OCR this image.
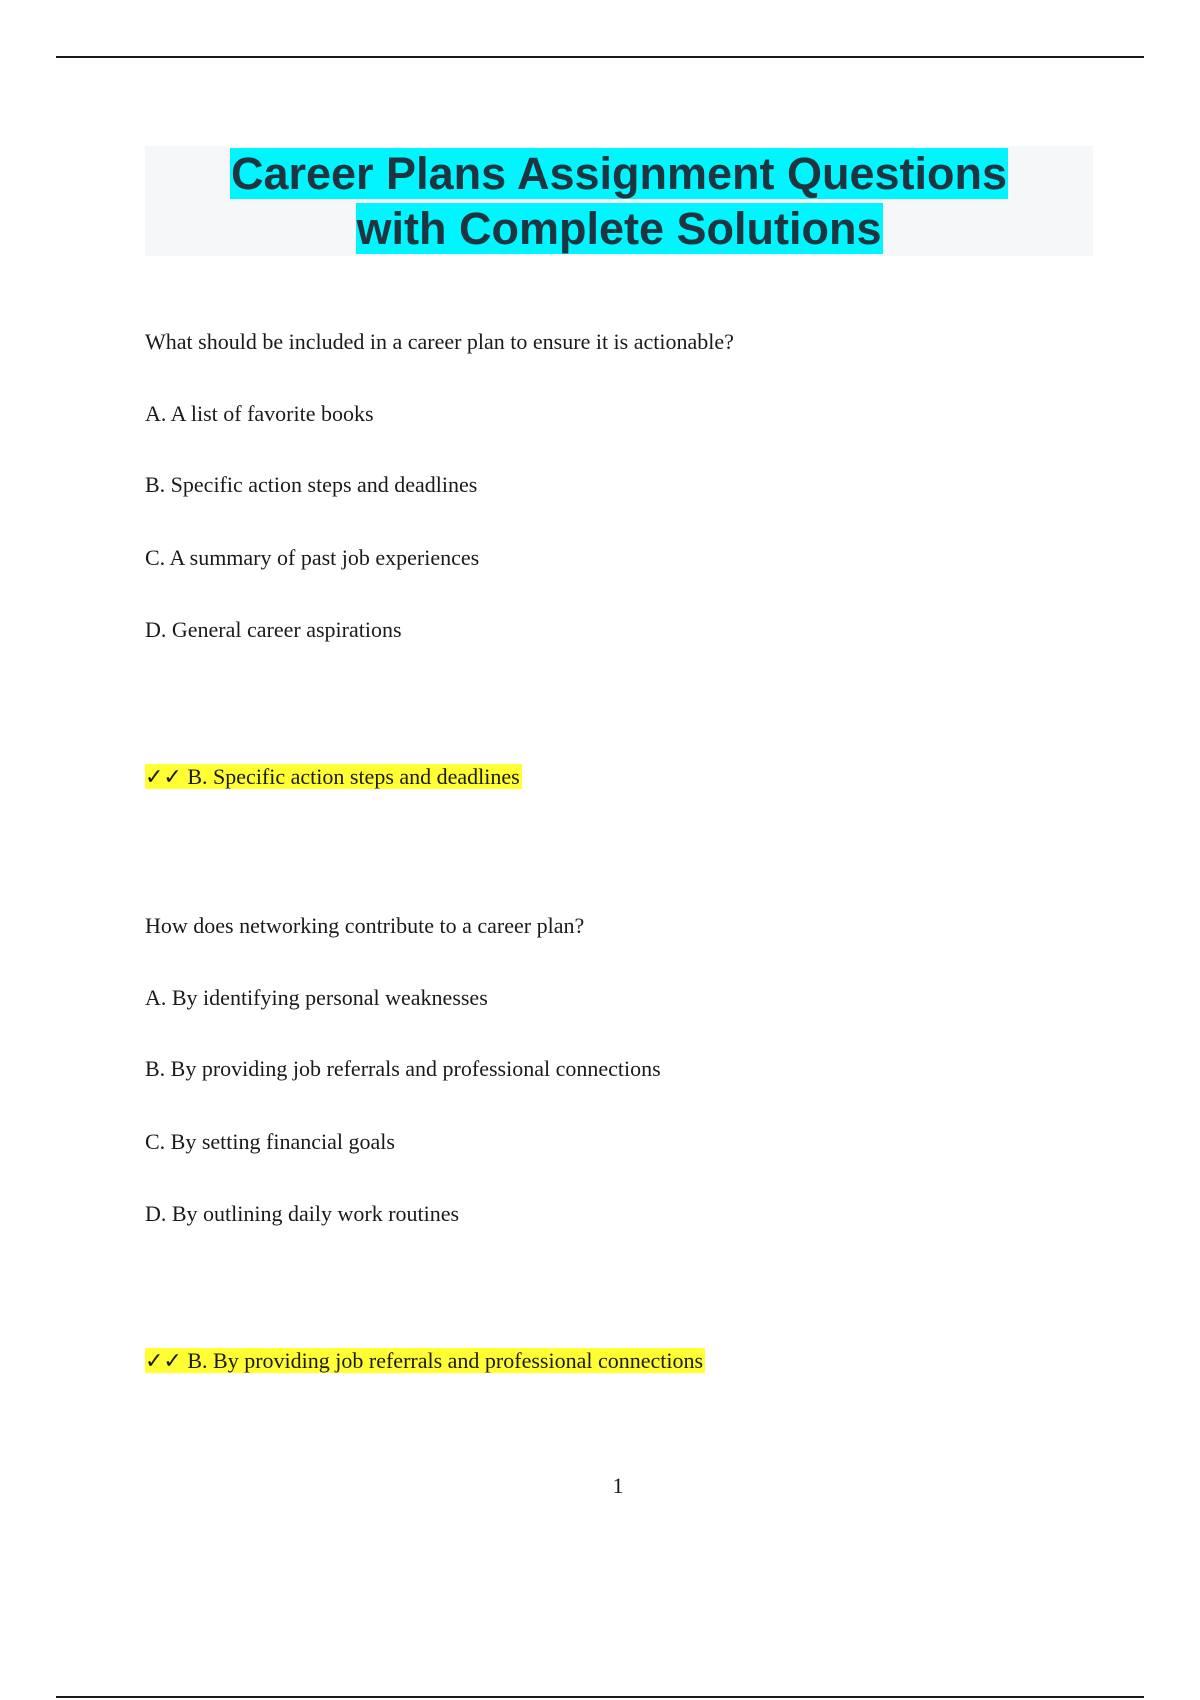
Career Plans Assignment Questions
with Complete Solutions

What should be included in a career plan to ensure it is actionable?
A. A list of favorite books
B. Specific action steps and deadlines
C. A summary of past job experiences
D. General career aspirations
✓✓ B. Specific action steps and deadlines
How does networking contribute to a career plan?
A. By identifying personal weaknesses
B. By providing job referrals and professional connections
C. By setting financial goals
D. By outlining daily work routines
✓✓ B. By providing job referrals and professional connections
1
